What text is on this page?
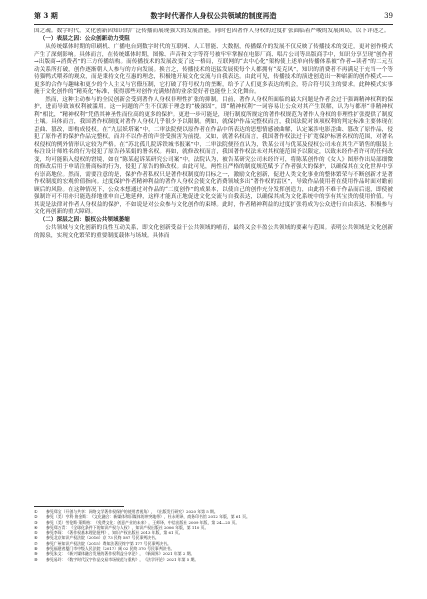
第 3 期	数字时代著作人身权公共领域的制度再造	39

国之魂。数字时代，文化创新因知识的广泛传播而展现强大的发展潜能，同时也因著作人身权的过度扩张面临着严峻的发展困局，以下详述之。

（一）表层之因：公众创新动力受阻

从传统媒体时期的印刷机、广播电台到数字时代的互联网、人工智能、大数据，传播媒介的发展不仅反映了传播技术的变迁，更对创作模式产生了深刻影响。具体而言，在传统媒体时期，图像、声音和文字等符号被牢牢掌握在电影厂商、唱片公司等出版商手中，知识分享呈现“创作者→出版商→消费者”的三方传播结构。而传播技术的发展改变了这一格局，互联网的“去中心化”架构使上述单向传播体系被“作者→读者”的二元互动关系所打破，创作逐渐朝人人参与的方向发展。换言之，传播技术的迅猛发展使每个人都拥有“麦克风”，知识的消费者不再满足于充当一个等待猫鸭式喂养的观众，而是秉持文化互惠的理念，积极地开展文化交流与自我表达。由此可见，传播技术的演进创造出一种崭新的创作模式——更多的合作与趣味和更少的个人主义与官僚压制，它打破了符号权力的垄断，给予了人们更多表达的机会，符合符号民主的要求。此种模式实事施于文化创作的“精英化”标准，使得那些对创作充满热情的业余爱好者也能登上文化舞台。

然而，这种主动参与的全民创新会受到著作人身权非理性扩张的抑制。目前，著作人身权所面临的最大问题是作者会过于强调精神权利的保护，进而导致该权利被滥用。这一问题的产生不仅源于理念的“极深固”，即“精神权利”一词容易让公众对其产生误解，认为与都形“非精神权利”相比，“精神权利”凭借其神圣性而位高的更多的保护。更进一步可能是，现行制度所规定的著作权规范为著作人身权的非理性扩张提供了制度土壤。具体而言，我国著作权制度对著作人身权几乎很少予以限制。例如，就保护作品完整权而言，我国法院对该项权利的判定标准主要体现在歪曲、篡改，即构成侵权。在“九层妖塔案”中，二审法院便以原作者在作品中所表达的思想情感被曲解，认定案涉电影歪曲、篡改了原作品，侵犯了原作者的保护作品完整权，而并不以作者的声誉受损害为前提。又如，就著名权而言，我国著作权法过于扩宽保护标署名权的范围，对著名权侵权的例外情形认定较为严格。在“苏北孤儿院诉铁城书报案”中，二审法院便径直认为，铁某公司与优某及侵权公司未在其生产销售的服装上标注设计师姓名的行为侵犯了原告孙某娟的署名权。再如，就修改权而言，我国著作权法未对其权能范围予以限定，以致未经作者许可的任何改变，均可能陷入侵权的窘境，如在“陈某起诉某研究公司案”中，法院认为，被告某研究公司未经许可，将陈某创作的《女人》图形作出局部细微的修改后用于申请注册商标的行为，侵犯了原告的修改权。由此可见，两性且严格的制度规范赋予了作者强大的保护，以确保其在文化世界中享有崇高地位。然而，需要注意的是，保护作者私权只是著作权制度的目标之一，激励文化创新，促进人类文化事业的整体繁荣与不断创新才是著作权制度的宏观价值指向。过度保护作者精神利益的著作人身权会使文化消费领域多出“著作权的雷区”，导致作品使用者在使用作品时面对瞻前顾后的风险。在这种情况下，公众本想通过对作品的“二度创作”的成果本，以使自己的创作充分发挥创造力，由此将不难于作品而后退，即使被强制许可不用亦只能选择地重申自己地延伸，这样才能真正地促进文化交流与自我表达，以确保其成为文化系统中的享有其宝贵的使用价值。与其说是法律对作者人身权益的保护，不如说是对公众参与文化创作的束缚。此时，作者精神利益的过度扩张将成为公众进行自由表达、积极参与文化再创新的重大障碍。

（二）深层之因：版权公共领域萎缩

公共领域与文化创新的良性互动关系，即文化创新受益于公共领域的哺育，最终又会丰盈公共领域的要素与范围。表明公共领域是文化创新的源泉，实现文化繁荣的重要制度载体与场域。具体而

① 参见郑宝（开创与共享：网络文学著作权保护的使用者视角），《出版发行研究》2020 年第 5 期。
② 参见（美）亨利·詹金斯：《文化融合：新媒体和旧媒体的冲突地带》，杜永明译，商务印书馆 2012 年版，第 61 页。
③ 参见（美）劳伦斯·莱斯格：《免费文化：创意产业的未来》，王师译，中信出版社 2009 年版，第 24—25 页。
④ 参见郑万青：《全球化条件下的知识产权与人权》，知识产权出版社 2006 年版，第 110 页。
⑤ 参见李琛：《著作权基本理论批判》，知识产权出版社 2013 年版，第 61 页。
⑥ 参见北京知识产权法院（2016）京 73 民终 587 号民事判决书。
⑦ 参见广州知识产权法院（2015）粤知法著民终字第 177 号民事判决书。
⑧ 参见福建省厦门市中级人民法院（2017）闽 02 民终 370 号民事判决书。
⑨ 参见朱文：《新兴媒体融合发展的著作权利益分享论》，《新闻界》2021 年第 2 期。
⑩ 参见易玲：《数字时代汉字作品交易市场规范与重构》，《法学评论》2021 年第 5 期。
